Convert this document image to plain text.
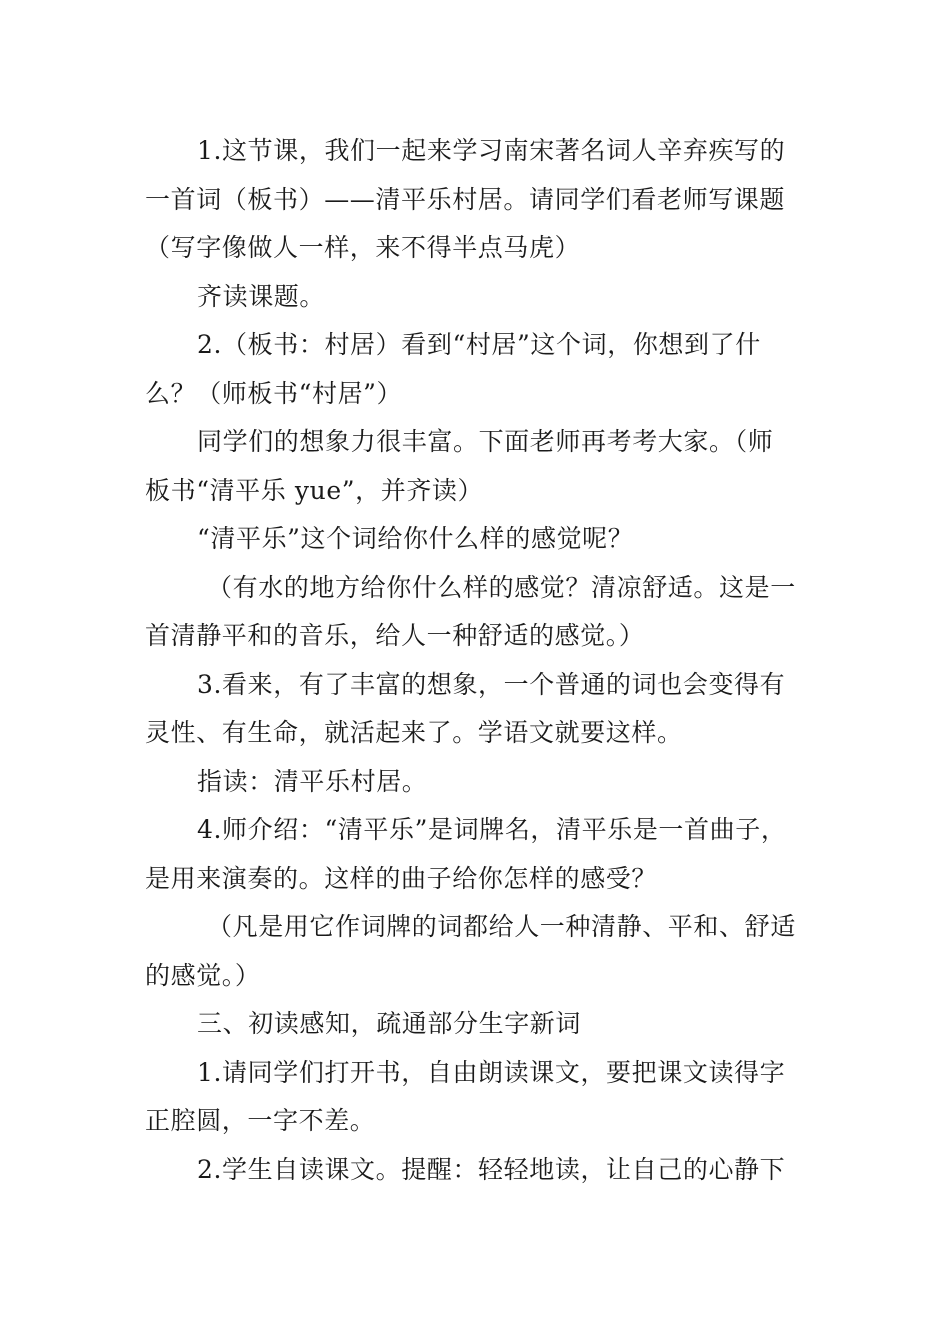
1.这节课，我们一起来学习南宋著名词人辛弃疾写的
一首词（板书）——清平乐村居。请同学们看老师写课题
（写字像做人一样，来不得半点马虎）

齐读课题。

2.（板书：村居）看到“村居”这个词，你想到了什
么？（师板书“村居”）

同学们的想象力很丰富。下面老师再考考大家。（师
板书“清平乐 yue”，并齐读）

“清平乐”这个词给你什么样的感觉呢？

（有水的地方给你什么样的感觉？清凉舒适。这是一
首清静平和的音乐，给人一种舒适的感觉。）

3.看来，有了丰富的想象，一个普通的词也会变得有
灵性、有生命，就活起来了。学语文就要这样。

指读：清平乐村居。

4.师介绍：“清平乐”是词牌名，清平乐是一首曲子，
是用来演奏的。这样的曲子给你怎样的感受？

（凡是用它作词牌的词都给人一种清静、平和、舒适
的感觉。）

三、初读感知，疏通部分生字新词

1.请同学们打开书，自由朗读课文，要把课文读得字
正腔圆，一字不差。

2.学生自读课文。提醒：轻轻地读，让自己的心静下
